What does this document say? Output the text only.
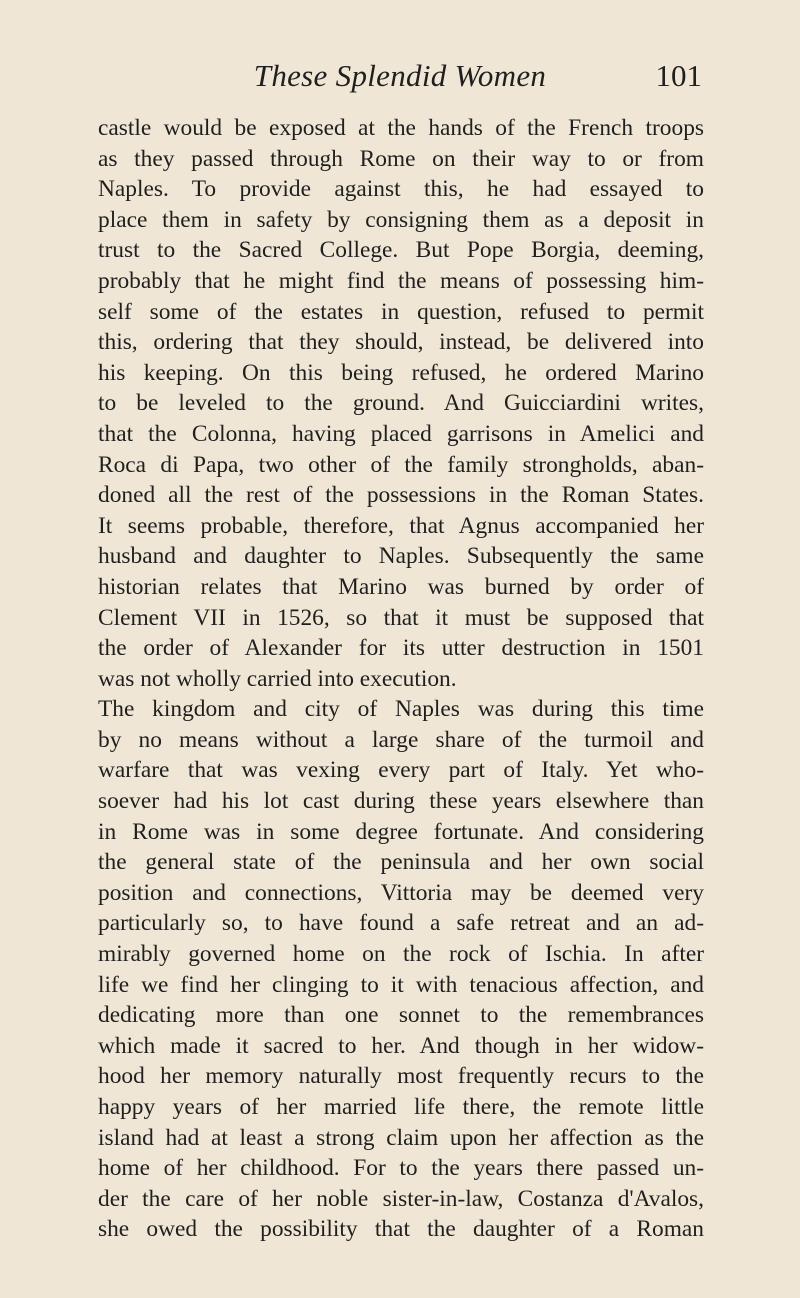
These Splendid Women	101
castle would be exposed at the hands of the French troops
as they passed through Rome on their way to or from
Naples. To provide against this, he had essayed to
place them in safety by consigning them as a deposit in
trust to the Sacred College. But Pope Borgia, deeming,
probably that he might find the means of possessing him-
self some of the estates in question, refused to permit
this, ordering that they should, instead, be delivered into
his keeping. On this being refused, he ordered Marino
to be leveled to the ground. And Guicciardini writes,
that the Colonna, having placed garrisons in Amelici and
Roca di Papa, two other of the family strongholds, aban-
doned all the rest of the possessions in the Roman States.
It seems probable, therefore, that Agnus accompanied her
husband and daughter to Naples. Subsequently the same
historian relates that Marino was burned by order of
Clement VII in 1526, so that it must be supposed that
the order of Alexander for its utter destruction in 1501
was not wholly carried into execution.
The kingdom and city of Naples was during this time
by no means without a large share of the turmoil and
warfare that was vexing every part of Italy. Yet who-
soever had his lot cast during these years elsewhere than
in Rome was in some degree fortunate. And considering
the general state of the peninsula and her own social
position and connections, Vittoria may be deemed very
particularly so, to have found a safe retreat and an ad-
mirably governed home on the rock of Ischia. In after
life we find her clinging to it with tenacious affection, and
dedicating more than one sonnet to the remembrances
which made it sacred to her. And though in her widow-
hood her memory naturally most frequently recurs to the
happy years of her married life there, the remote little
island had at least a strong claim upon her affection as the
home of her childhood. For to the years there passed un-
der the care of her noble sister-in-law, Costanza d'Avalos,
she owed the possibility that the daughter of a Roman
